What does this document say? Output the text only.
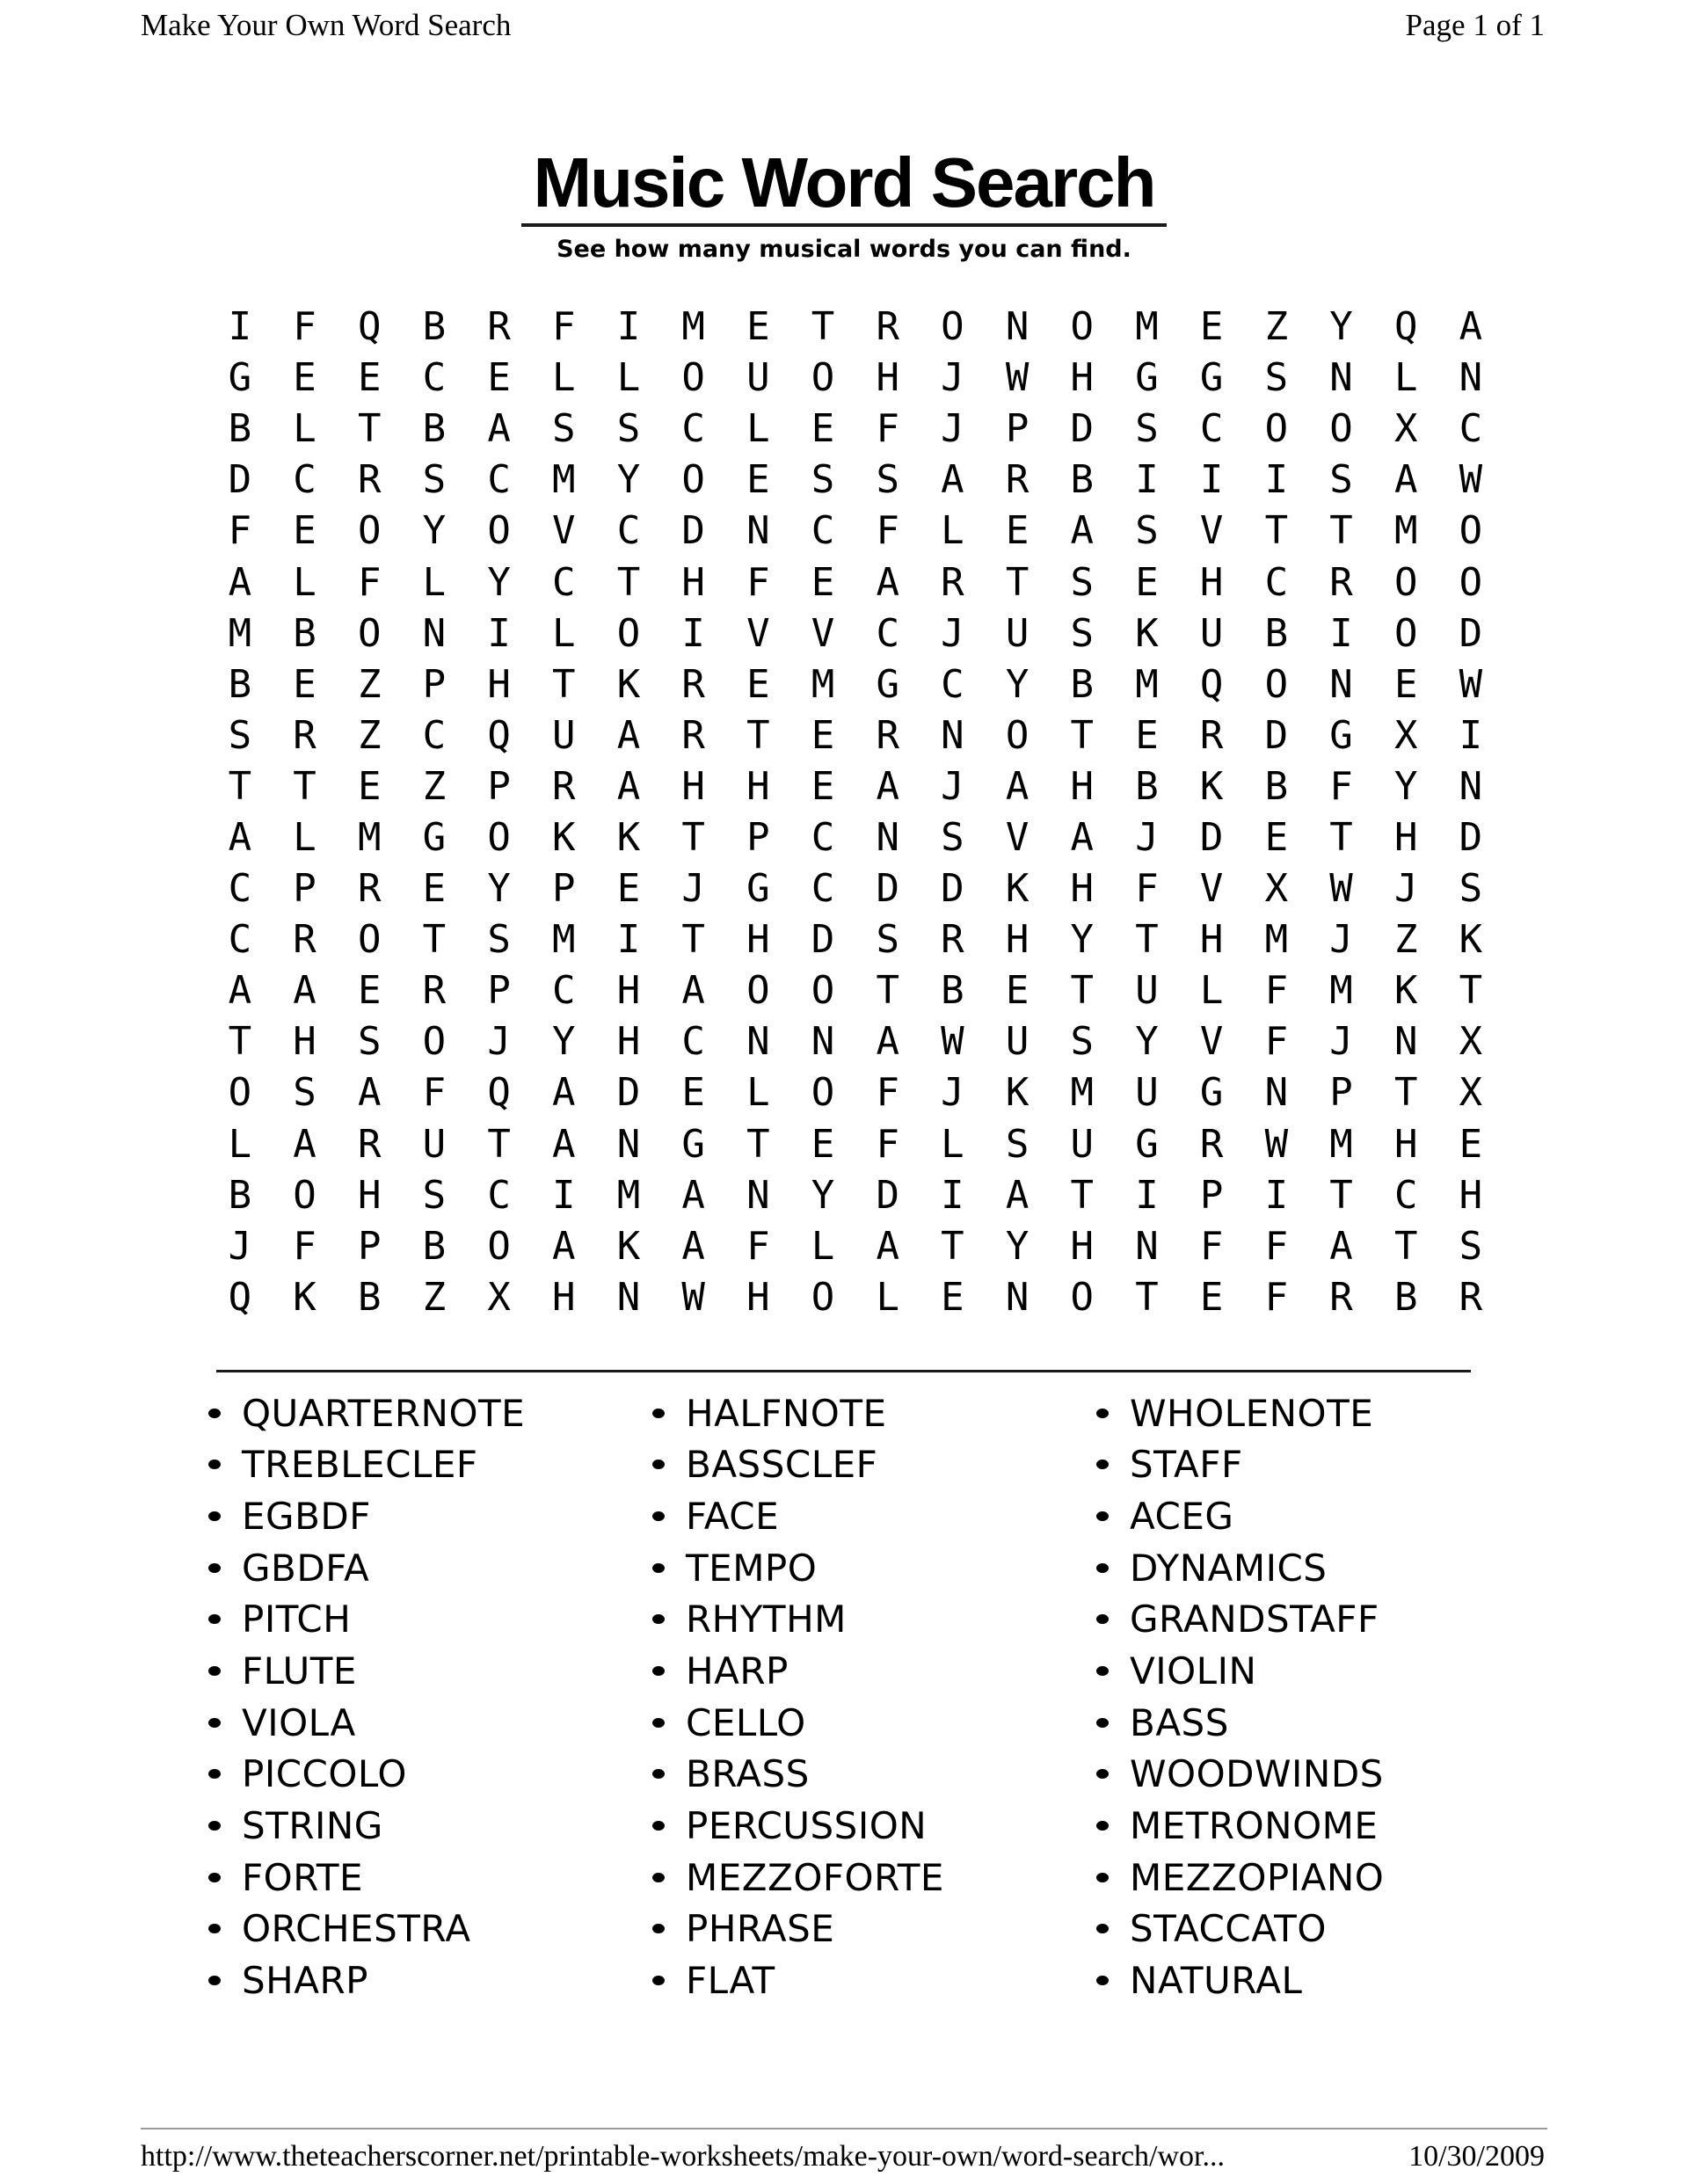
Make Your Own Word Search	Page 1 of 1
Music Word Search
See how many musical words you can find.
I	F	Q	B	R	F	I	M	E	T	R	O	N	O	M	E	Z	Y	Q	A
G	E	E	C	E	L	L	O	U	O	H	J	W	H	G	G	S	N	L	N
B	L	T	B	A	S	S	C	L	E	F	J	P	D	S	C	O	O	X	C
D	C	R	S	C	M	Y	O	E	S	S	A	R	B	I	I	I	S	A	W
F	E	O	Y	O	V	C	D	N	C	F	L	E	A	S	V	T	T	M	O
A	L	F	L	Y	C	T	H	F	E	A	R	T	S	E	H	C	R	O	O
M	B	O	N	I	L	O	I	V	V	C	J	U	S	K	U	B	I	O	D
B	E	Z	P	H	T	K	R	E	M	G	C	Y	B	M	Q	O	N	E	W
S	R	Z	C	Q	U	A	R	T	E	R	N	O	T	E	R	D	G	X	I
T	T	E	Z	P	R	A	H	H	E	A	J	A	H	B	K	B	F	Y	N
A	L	M	G	O	K	K	T	P	C	N	S	V	A	J	D	E	T	H	D
C	P	R	E	Y	P	E	J	G	C	D	D	K	H	F	V	X	W	J	S
C	R	O	T	S	M	I	T	H	D	S	R	H	Y	T	H	M	J	Z	K
A	A	E	R	P	C	H	A	O	O	T	B	E	T	U	L	F	M	K	T
T	H	S	O	J	Y	H	C	N	N	A	W	U	S	Y	V	F	J	N	X
O	S	A	F	Q	A	D	E	L	O	F	J	K	M	U	G	N	P	T	X
L	A	R	U	T	A	N	G	T	E	F	L	S	U	G	R	W	M	H	E
B	O	H	S	C	I	M	A	N	Y	D	I	A	T	I	P	I	T	C	H
J	F	P	B	O	A	K	A	F	L	A	T	Y	H	N	F	F	A	T	S
Q	K	B	Z	X	H	N	W	H	O	L	E	N	O	T	E	F	R	B	R
QUARTERNOTE
TREBLECLEF
EGBDF
GBDFA
PITCH
FLUTE
VIOLA
PICCOLO
STRING
FORTE
ORCHESTRA
SHARP
HALFNOTE
BASSCLEF
FACE
TEMPO
RHYTHM
HARP
CELLO
BRASS
PERCUSSION
MEZZOFORTE
PHRASE
FLAT
WHOLENOTE
STAFF
ACEG
DYNAMICS
GRANDSTAFF
VIOLIN
BASS
WOODWINDS
METRONOME
MEZZOPIANO
STACCATO
NATURAL
http://www.theteacherscorner.net/printable-worksheets/make-your-own/word-search/wor...	10/30/2009
